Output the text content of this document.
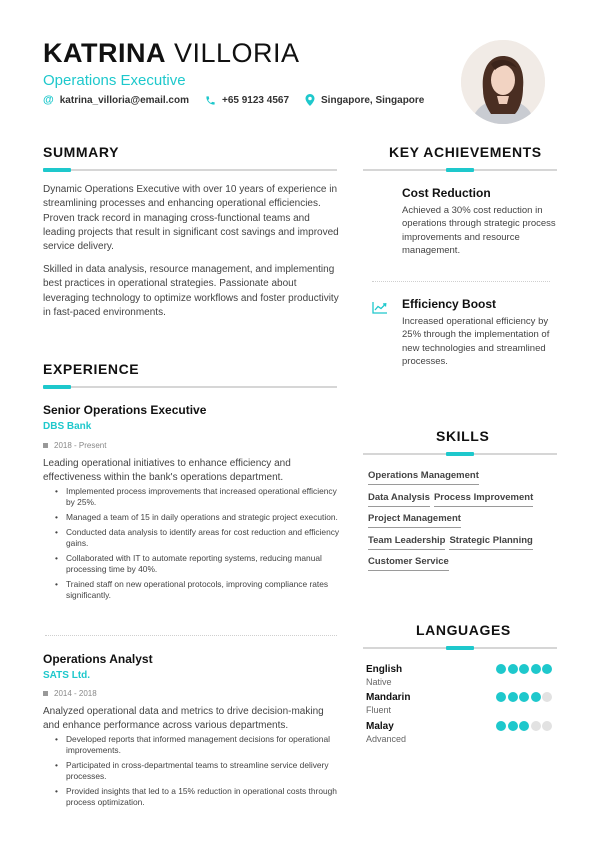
KATRINA VILLORIA
Operations Executive
@ katrina_villoria@email.com	+65 9123 4567	Singapore, Singapore
SUMMARY
Dynamic Operations Executive with over 10 years of experience in streamlining processes and enhancing operational efficiencies. Proven track record in managing cross-functional teams and leading projects that result in significant cost savings and improved service delivery.
Skilled in data analysis, resource management, and implementing best practices in operational strategies. Passionate about leveraging technology to optimize workflows and foster productivity in fast-paced environments.
EXPERIENCE
Senior Operations Executive
DBS Bank
2018 - Present
Leading operational initiatives to enhance efficiency and effectiveness within the bank's operations department.
• Implemented process improvements that increased operational efficiency by 25%.
• Managed a team of 15 in daily operations and strategic project execution.
• Conducted data analysis to identify areas for cost reduction and efficiency gains.
• Collaborated with IT to automate reporting systems, reducing manual processing time by 40%.
• Trained staff on new operational protocols, improving compliance rates significantly.
Operations Analyst
SATS Ltd.
2014 - 2018
Analyzed operational data and metrics to drive decision-making and enhance performance across various departments.
• Developed reports that informed management decisions for operational improvements.
• Participated in cross-departmental teams to streamline service delivery processes.
• Provided insights that led to a 15% reduction in operational costs through process optimization.
KEY ACHIEVEMENTS
Cost Reduction
Achieved a 30% cost reduction in operations through strategic process improvements and resource management.
Efficiency Boost
Increased operational efficiency by 25% through the implementation of new technologies and streamlined processes.
SKILLS
Operations Management
Data Analysis Process Improvement
Project Management
Team Leadership Strategic Planning
Customer Service
LANGUAGES
English
Native
Mandarin
Fluent
Malay
Advanced
